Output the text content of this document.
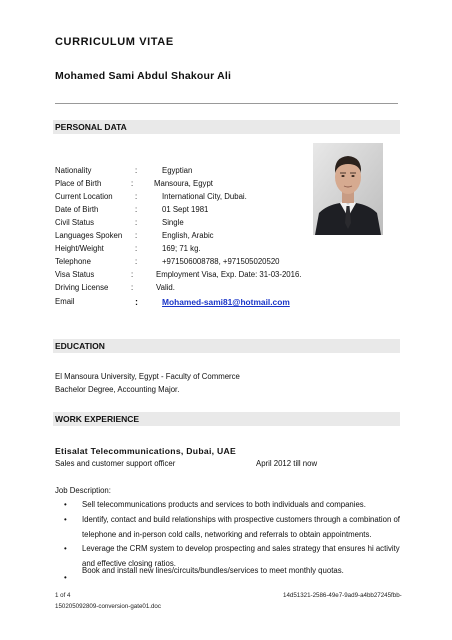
CURRICULUM VITAE
Mohamed Sami Abdul Shakour Ali
PERSONAL DATA
Nationality	:	Egyptian
Place of Birth	:	Mansoura, Egypt
Current Location	:	International City, Dubai.
Date of Birth	:	01 Sept 1981
Civil Status	:	Single
Languages Spoken :	English, Arabic
Height/Weight	:	169; 71 kg.
Telephone	:	+971506008788, +971505020520
Visa Status	:	Employment Visa, Exp. Date: 31-03-2016.
Driving License	:	Valid.
Email	:	Mohamed-sami81@hotmail.com
EDUCATION
El Mansoura University, Egypt - Faculty of Commerce
Bachelor Degree, Accounting Major.
WORK EXPERIENCE
Etisalat Telecommunications, Dubai, UAE
Sales and customer support officer	April 2012 till now
Job Description:
• Sell telecommunications products and services to both individuals and companies.
• Identify, contact and build relationships with prospective customers through a combination of telephone and in-person cold calls, networking and referrals to obtain appointments.
• Leverage the CRM system to develop prospecting and sales strategy that ensures hi activity and effective closing ratios.
•
Book and install new lines/circuits/bundles/services to meet monthly quotas.
1 of 4	14d51321-2586-49e7-9ad9-a4bb27245fbb-
150205092809-conversion-gate01.doc
